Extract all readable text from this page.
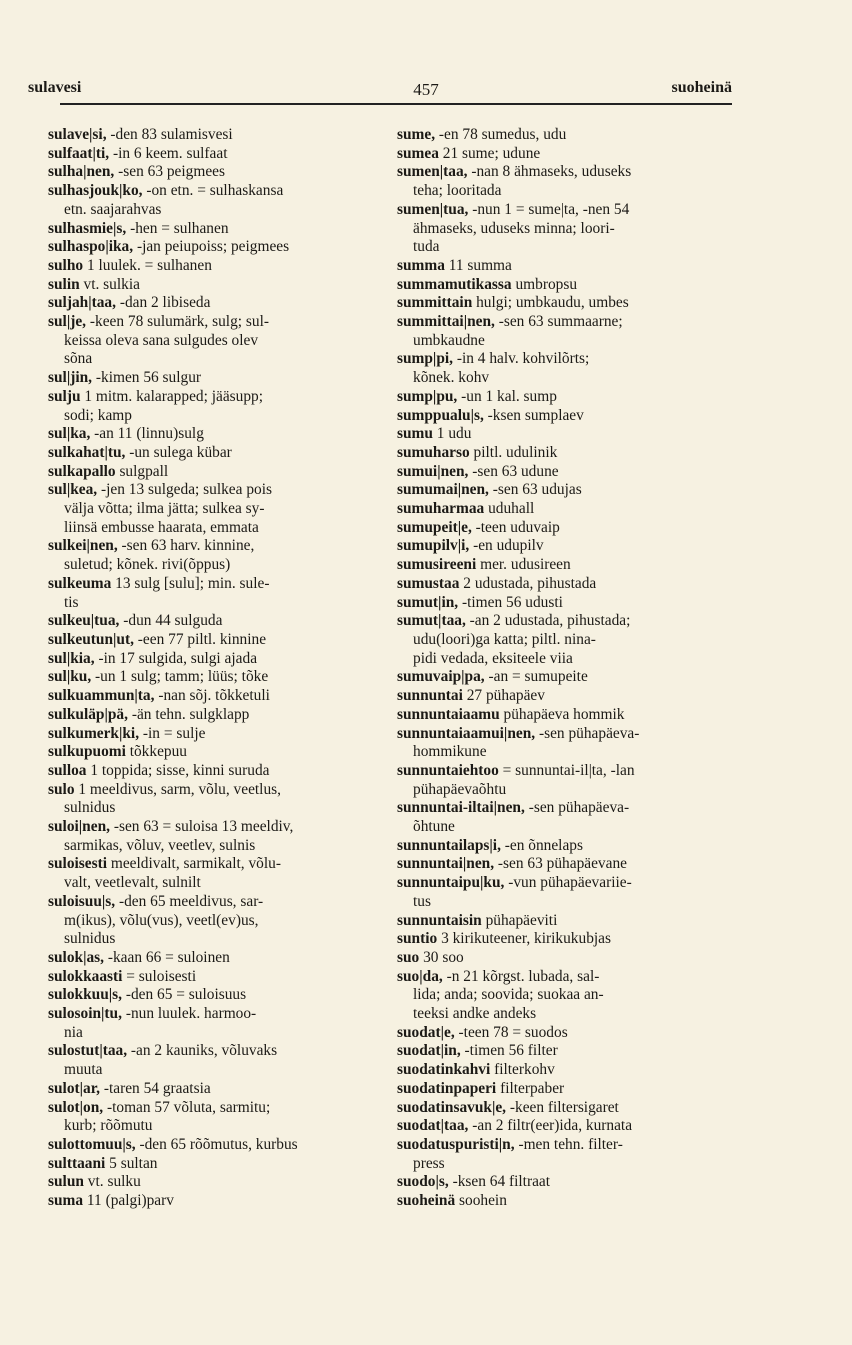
sulavesi	457	suoheinä
sulave|si, -den 83 sulamisvesi
sulfaat|ti, -in 6 keem. sulfaat
sulha|nen, -sen 63 peigmees
sulhasjouk|ko, -on etn. = sulhaskansa
etn. saajarahvas
sulhasmie|s, -hen = sulhanen
sulhaspo|ika, -jan peiupoiss; peigmees
sulho 1 luulek. = sulhanen
sulin vt. sulkia
suljah|taa, -dan 2 libiseda
sul|je, -keen 78 sulumärk, sulg; sul-
keissa oleva sana sulgudes olev
sõna
sul|jin, -kimen 56 sulgur
sulju 1 mitm. kalarapped; jääsupp;
sodi; kamp
sul|ka, -an 11 (linnu)sulg
sulkahat|tu, -un sulega kübar
sulkapallo sulgpall
sul|kea, -jen 13 sulgeda; sulkea pois
välja võtta; ilma jätta; sulkea sy-
liinsä embusse haarata, emmata
sulkei|nen, -sen 63 harv. kinnine,
suletud; kõnek. rivi(õppus)
sulkeuma 13 sulg [sulu]; min. sule-
tis
sulkeu|tua, -dun 44 sulguda
sulkeutun|ut, -een 77 piltl. kinnine
sul|kia, -in 17 sulgida, sulgi ajada
sul|ku, -un 1 sulg; tamm; lüüs; tõke
sulkuammun|ta, -nan sõj. tõkketuli
sulkuläp|pä, -än tehn. sulgklapp
sulkumerk|ki, -in = sulje
sulkupuomi tõkkepuu
sulloa 1 toppida; sisse, kinni suruda
sulo 1 meeldivus, sarm, võlu, veetlus,
sulnidus
suloi|nen, -sen 63 = suloisa 13 meeldiv,
sarmikas, võluv, veetlev, sulnis
suloisesti meeldivalt, sarmikalt, võlu-
valt, veetlevalt, sulnilt
suloisuu|s, -den 65 meeldivus, sar-
m(ikus), võlu(vus), veetl(ev)us,
sulnidus
sulok|as, -kaan 66 = suloinen
sulokkaasti = suloisesti
sulokkuu|s, -den 65 = suloisuus
sulosoin|tu, -nun luulek. harmoo-
nia
sulostut|taa, -an 2 kauniks, võluvaks
muuta
sulot|ar, -taren 54 graatsia
sulot|on, -toman 57 võluta, sarmitu;
kurb; rõõmutu
sulottomuu|s, -den 65 rõõmutus, kurbus
sulttaani 5 sultan
sulun vt. sulku
suma 11 (palgi)parv
sume, -en 78 sumedus, udu
sumea 21 sume; udune
sumen|taa, -nan 8 ähmaseks, uduseks
teha; looritada
sumen|tua, -nun 1 = sume|ta, -nen 54
ähmaseks, uduseks minna; loori-
tuda
summa 11 summa
summamutikassa umbropsu
summittain hulgi; umbkaudu, umbes
summittai|nen, -sen 63 summaarne;
umbkaudne
sump|pi, -in 4 halv. kohvilõrts;
kõnek. kohv
sump|pu, -un 1 kal. sump
sumppualu|s, -ksen sumplaev
sumu 1 udu
sumuharso piltl. udulinik
sumui|nen, -sen 63 udune
sumumai|nen, -sen 63 udujas
sumuharmaa uduhall
sumupeit|e, -teen uduvaip
sumupilv|i, -en udupilv
sumusireeni mer. udusireen
sumustaa 2 udustada, pihustada
sumut|in, -timen 56 udusti
sumut|taa, -an 2 udustada, pihustada;
udu(loori)ga katta; piltl. nina-
pidi vedada, eksiteele viia
sumuvaip|pa, -an = sumupeite
sunnuntai 27 pühapäev
sunnuntaiaamu pühapäeva hommik
sunnuntaiaamui|nen, -sen pühapäeva-
hommikune
sunnuntaiehtoo = sunnuntai-il|ta, -lan
pühapäevaõhtu
sunnuntai-iltai|nen, -sen pühapäeva-
õhtune
sunnuntailaps|i, -en õnnelaps
sunnuntai|nen, -sen 63 pühapäevane
sunnuntaipu|ku, -vun pühapäevariie-
tus
sunnuntaisin pühapäeviti
suntio 3 kirikuteener, kirikukubjas
suo 30 soo
suo|da, -n 21 kõrgst. lubada, sal-
lida; anda; soovida; suokaa an-
teeksi andke andeks
suodat|e, -teen 78 = suodos
suodat|in, -timen 56 filter
suodatinkahvi filterkohv
suodatinpaperi filterpaber
suodatinsavuk|e, -keen filtersigaret
suodat|taa, -an 2 filtr(eer)ida, kurnata
suodatuspuristi|n, -men tehn. filter-
press
suodo|s, -ksen 64 filtraat
suoheinä soohein
